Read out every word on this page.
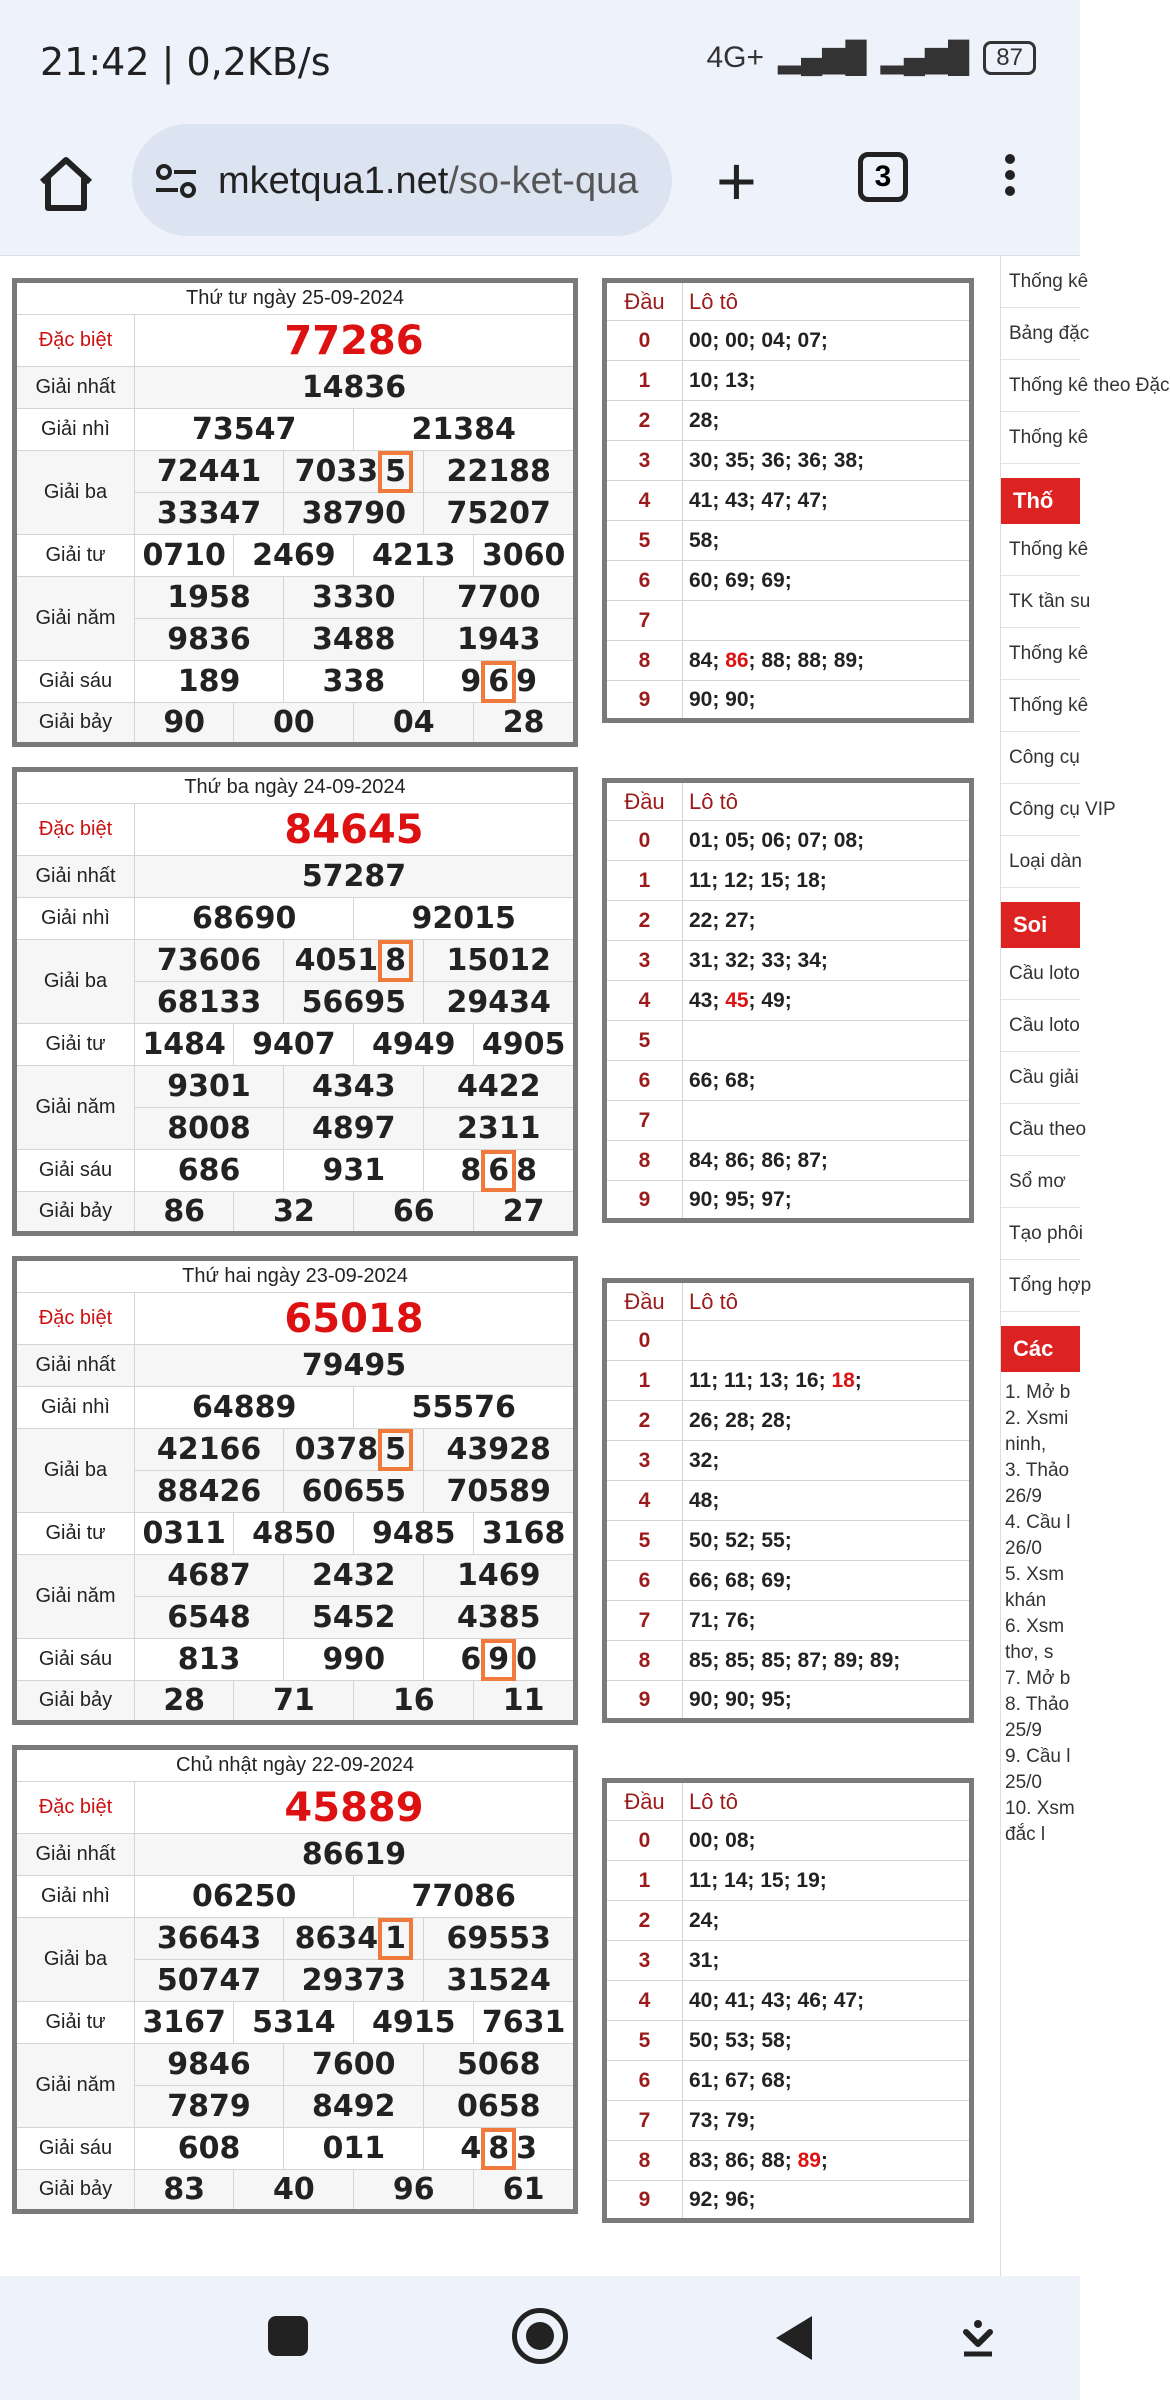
21:42 | 0,2KB/s	4G+ ▂▄▆█ ▂▄▆█	87
mketqua1.net/so-ket-qua +	3
Thứ tư ngày 25-09-2024						
Đặc biệt	77286					
Giải nhất	14836					
Giải nhì	73547			21384		
Giải ba	72441		7033 5		22188	
	33347		38790		75207	
Giải tư	0710	2469		4213		3060
Giải năm	1958		3330		7700	
	9836		3488		1943	
Giải sáu	189		338		9 6 9	
Giải bảy	90	00		04		28
Thứ ba ngày 24-09-2024						
Đặc biệt	84645					
Giải nhất	57287					
Giải nhì	68690			92015		
Giải ba	73606		4051 8		15012	
	68133		56695		29434	
Giải tư	1484	9407		4949		4905
Giải năm	9301		4343		4422	
	8008		4897		2311	
Giải sáu	686		931		8 6 8	
Giải bảy	86	32		66		27
Thứ hai ngày 23-09-2024						
Đặc biệt	65018					
Giải nhất	79495					
Giải nhì	64889			55576		
Giải ba	42166		0378 5		43928	
	88426		60655		70589	
Giải tư	0311	4850		9485		3168
Giải năm	4687		2432		1469	
	6548		5452		4385	
Giải sáu	813		990		6 9 0	
Giải bảy	28	71		16		11
Chủ nhật ngày 22-09-2024						
Đặc biệt	45889					
Giải nhất	86619					
Giải nhì	06250			77086		
Giải ba	36643		8634 1		69553	
	50747		29373		31524	
Giải tư	3167	5314		4915		7631
Giải năm	9846		7600		5068	
	7879		8492		0658	
Giải sáu	608		011		4 8 3	
Giải bảy	83	40		96		61
Đầu	Lô tô
0	00; 00; 04; 07;
1	10; 13;
2	28;
3	30; 35; 36; 36; 38;
4	41; 43; 47; 47;
5	58;
6	60; 69; 69;
7	
8	84; 86; 88; 88; 89;
9	90; 90;
Đầu	Lô tô
0	01; 05; 06; 07; 08;
1	11; 12; 15; 18;
2	22; 27;
3	31; 32; 33; 34;
4	43; 45; 49;
5	
6	66; 68;
7	
8	84; 86; 86; 87;
9	90; 95; 97;
Đầu	Lô tô
0	
1	11; 11; 13; 16; 18;
2	26; 28; 28;
3	32;
4	48;
5	50; 52; 55;
6	66; 68; 69;
7	71; 76;
8	85; 85; 85; 87; 89; 89;
9	90; 90; 95;
Đầu	Lô tô
0	00; 08;
1	11; 14; 15; 19;
2	24;
3	31;
4	40; 41; 43; 46; 47;
5	50; 53; 58;
6	61; 67; 68;
7	73; 79;
8	83; 86; 88; 89;
9	92; 96;
Thống kê
Bảng đặc
Thống kê theo Đặc
Thống kê
Thố
Thống kê
TK tần su
Thống kê
Thống kê
Công cụ
Công cụ VIP
Loại dàn
Soi
Cầu loto
Cầu loto
Cầu giải
Cầu theo
Sổ mơ
Tạo phôi
Tổng hợp
Các
1. Mở b
2. Xsmi
ninh,
3. Thảo
26/9
4. Cầu l
26/0
5. Xsm
khán
6. Xsm
thơ, s
7. Mở b
8. Thảo
25/9
9. Cầu l
25/0
10. Xsm
đắc l
